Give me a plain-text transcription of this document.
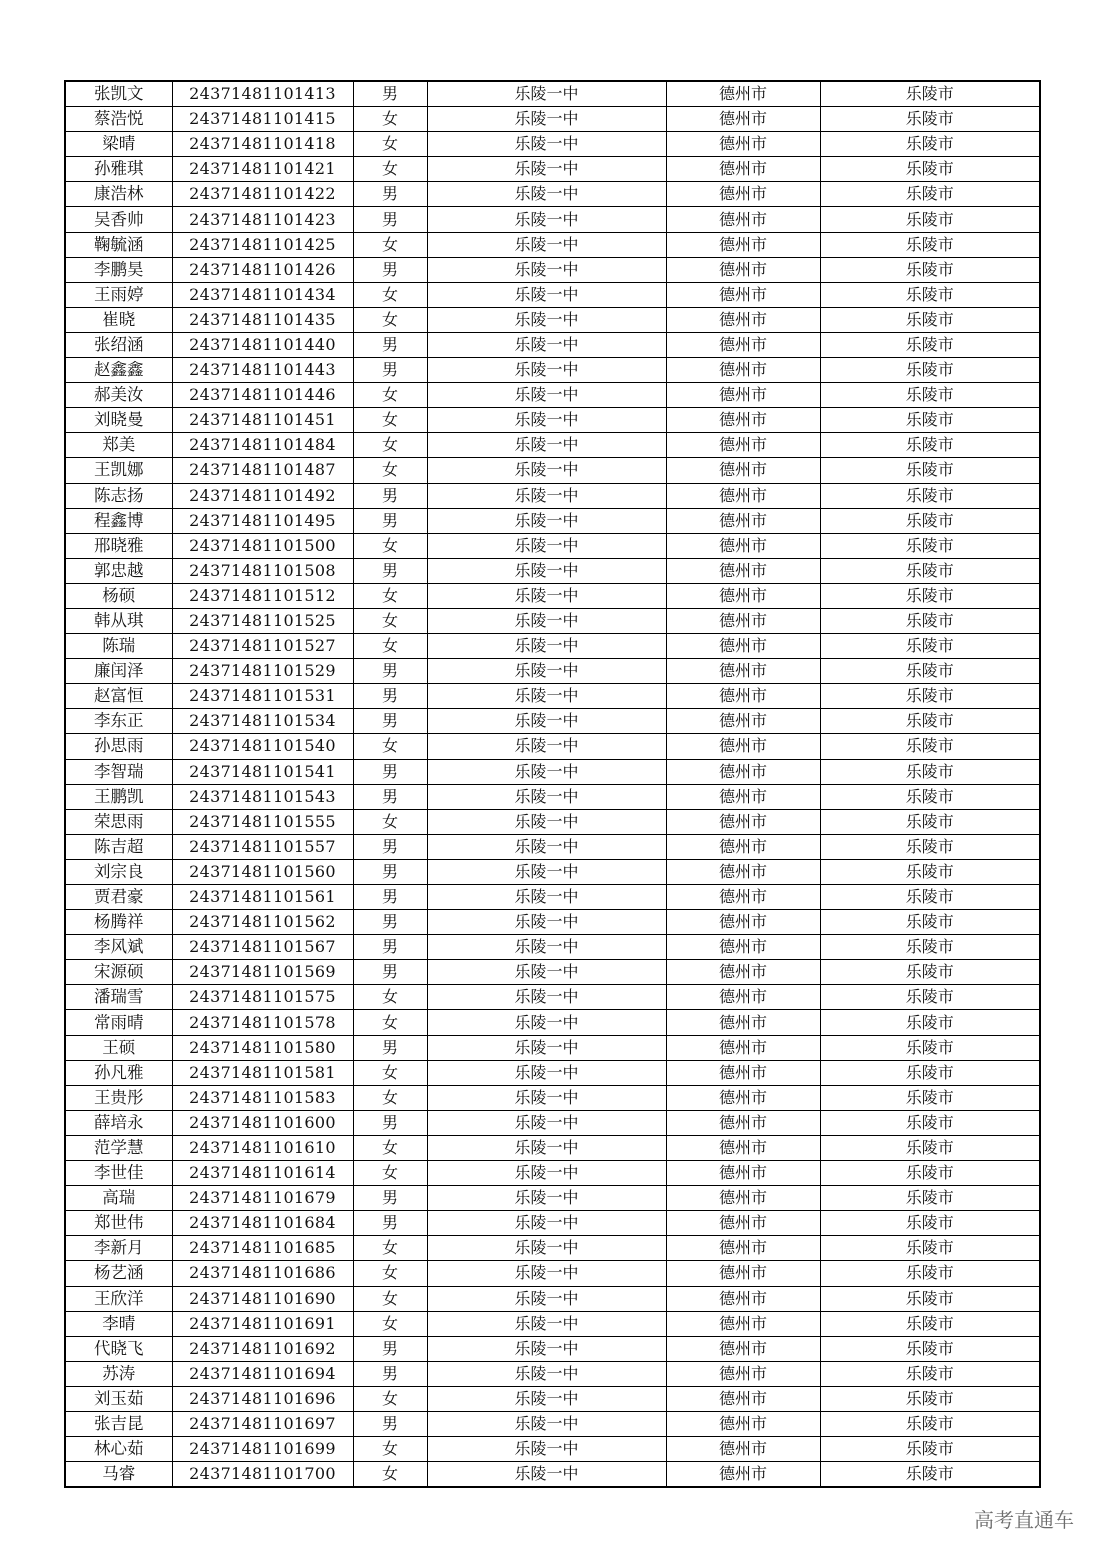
张凯文	24371481101413	男	乐陵一中	德州市	乐陵市
蔡浩悦	24371481101415	女	乐陵一中	德州市	乐陵市
梁晴	24371481101418	女	乐陵一中	德州市	乐陵市
孙雅琪	24371481101421	女	乐陵一中	德州市	乐陵市
康浩林	24371481101422	男	乐陵一中	德州市	乐陵市
吴香帅	24371481101423	男	乐陵一中	德州市	乐陵市
鞠毓涵	24371481101425	女	乐陵一中	德州市	乐陵市
李鹏昊	24371481101426	男	乐陵一中	德州市	乐陵市
王雨婷	24371481101434	女	乐陵一中	德州市	乐陵市
崔晓	24371481101435	女	乐陵一中	德州市	乐陵市
张绍涵	24371481101440	男	乐陵一中	德州市	乐陵市
赵鑫鑫	24371481101443	男	乐陵一中	德州市	乐陵市
郝美汝	24371481101446	女	乐陵一中	德州市	乐陵市
刘晓曼	24371481101451	女	乐陵一中	德州市	乐陵市
郑美	24371481101484	女	乐陵一中	德州市	乐陵市
王凯娜	24371481101487	女	乐陵一中	德州市	乐陵市
陈志扬	24371481101492	男	乐陵一中	德州市	乐陵市
程鑫博	24371481101495	男	乐陵一中	德州市	乐陵市
邢晓雅	24371481101500	女	乐陵一中	德州市	乐陵市
郭忠越	24371481101508	男	乐陵一中	德州市	乐陵市
杨硕	24371481101512	女	乐陵一中	德州市	乐陵市
韩从琪	24371481101525	女	乐陵一中	德州市	乐陵市
陈瑞	24371481101527	女	乐陵一中	德州市	乐陵市
廉闰泽	24371481101529	男	乐陵一中	德州市	乐陵市
赵富恒	24371481101531	男	乐陵一中	德州市	乐陵市
李东正	24371481101534	男	乐陵一中	德州市	乐陵市
孙思雨	24371481101540	女	乐陵一中	德州市	乐陵市
李智瑞	24371481101541	男	乐陵一中	德州市	乐陵市
王鹏凯	24371481101543	男	乐陵一中	德州市	乐陵市
荣思雨	24371481101555	女	乐陵一中	德州市	乐陵市
陈吉超	24371481101557	男	乐陵一中	德州市	乐陵市
刘宗良	24371481101560	男	乐陵一中	德州市	乐陵市
贾君豪	24371481101561	男	乐陵一中	德州市	乐陵市
杨腾祥	24371481101562	男	乐陵一中	德州市	乐陵市
李风斌	24371481101567	男	乐陵一中	德州市	乐陵市
宋源硕	24371481101569	男	乐陵一中	德州市	乐陵市
潘瑞雪	24371481101575	女	乐陵一中	德州市	乐陵市
常雨晴	24371481101578	女	乐陵一中	德州市	乐陵市
王硕	24371481101580	男	乐陵一中	德州市	乐陵市
孙凡雅	24371481101581	女	乐陵一中	德州市	乐陵市
王贵彤	24371481101583	女	乐陵一中	德州市	乐陵市
薛培永	24371481101600	男	乐陵一中	德州市	乐陵市
范学慧	24371481101610	女	乐陵一中	德州市	乐陵市
李世佳	24371481101614	女	乐陵一中	德州市	乐陵市
高瑞	24371481101679	男	乐陵一中	德州市	乐陵市
郑世伟	24371481101684	男	乐陵一中	德州市	乐陵市
李新月	24371481101685	女	乐陵一中	德州市	乐陵市
杨艺涵	24371481101686	女	乐陵一中	德州市	乐陵市
王欣洋	24371481101690	女	乐陵一中	德州市	乐陵市
李晴	24371481101691	女	乐陵一中	德州市	乐陵市
代晓飞	24371481101692	男	乐陵一中	德州市	乐陵市
苏涛	24371481101694	男	乐陵一中	德州市	乐陵市
刘玉茹	24371481101696	女	乐陵一中	德州市	乐陵市
张吉昆	24371481101697	男	乐陵一中	德州市	乐陵市
林心茹	24371481101699	女	乐陵一中	德州市	乐陵市
马睿	24371481101700	女	乐陵一中	德州市	乐陵市
高考直通车
